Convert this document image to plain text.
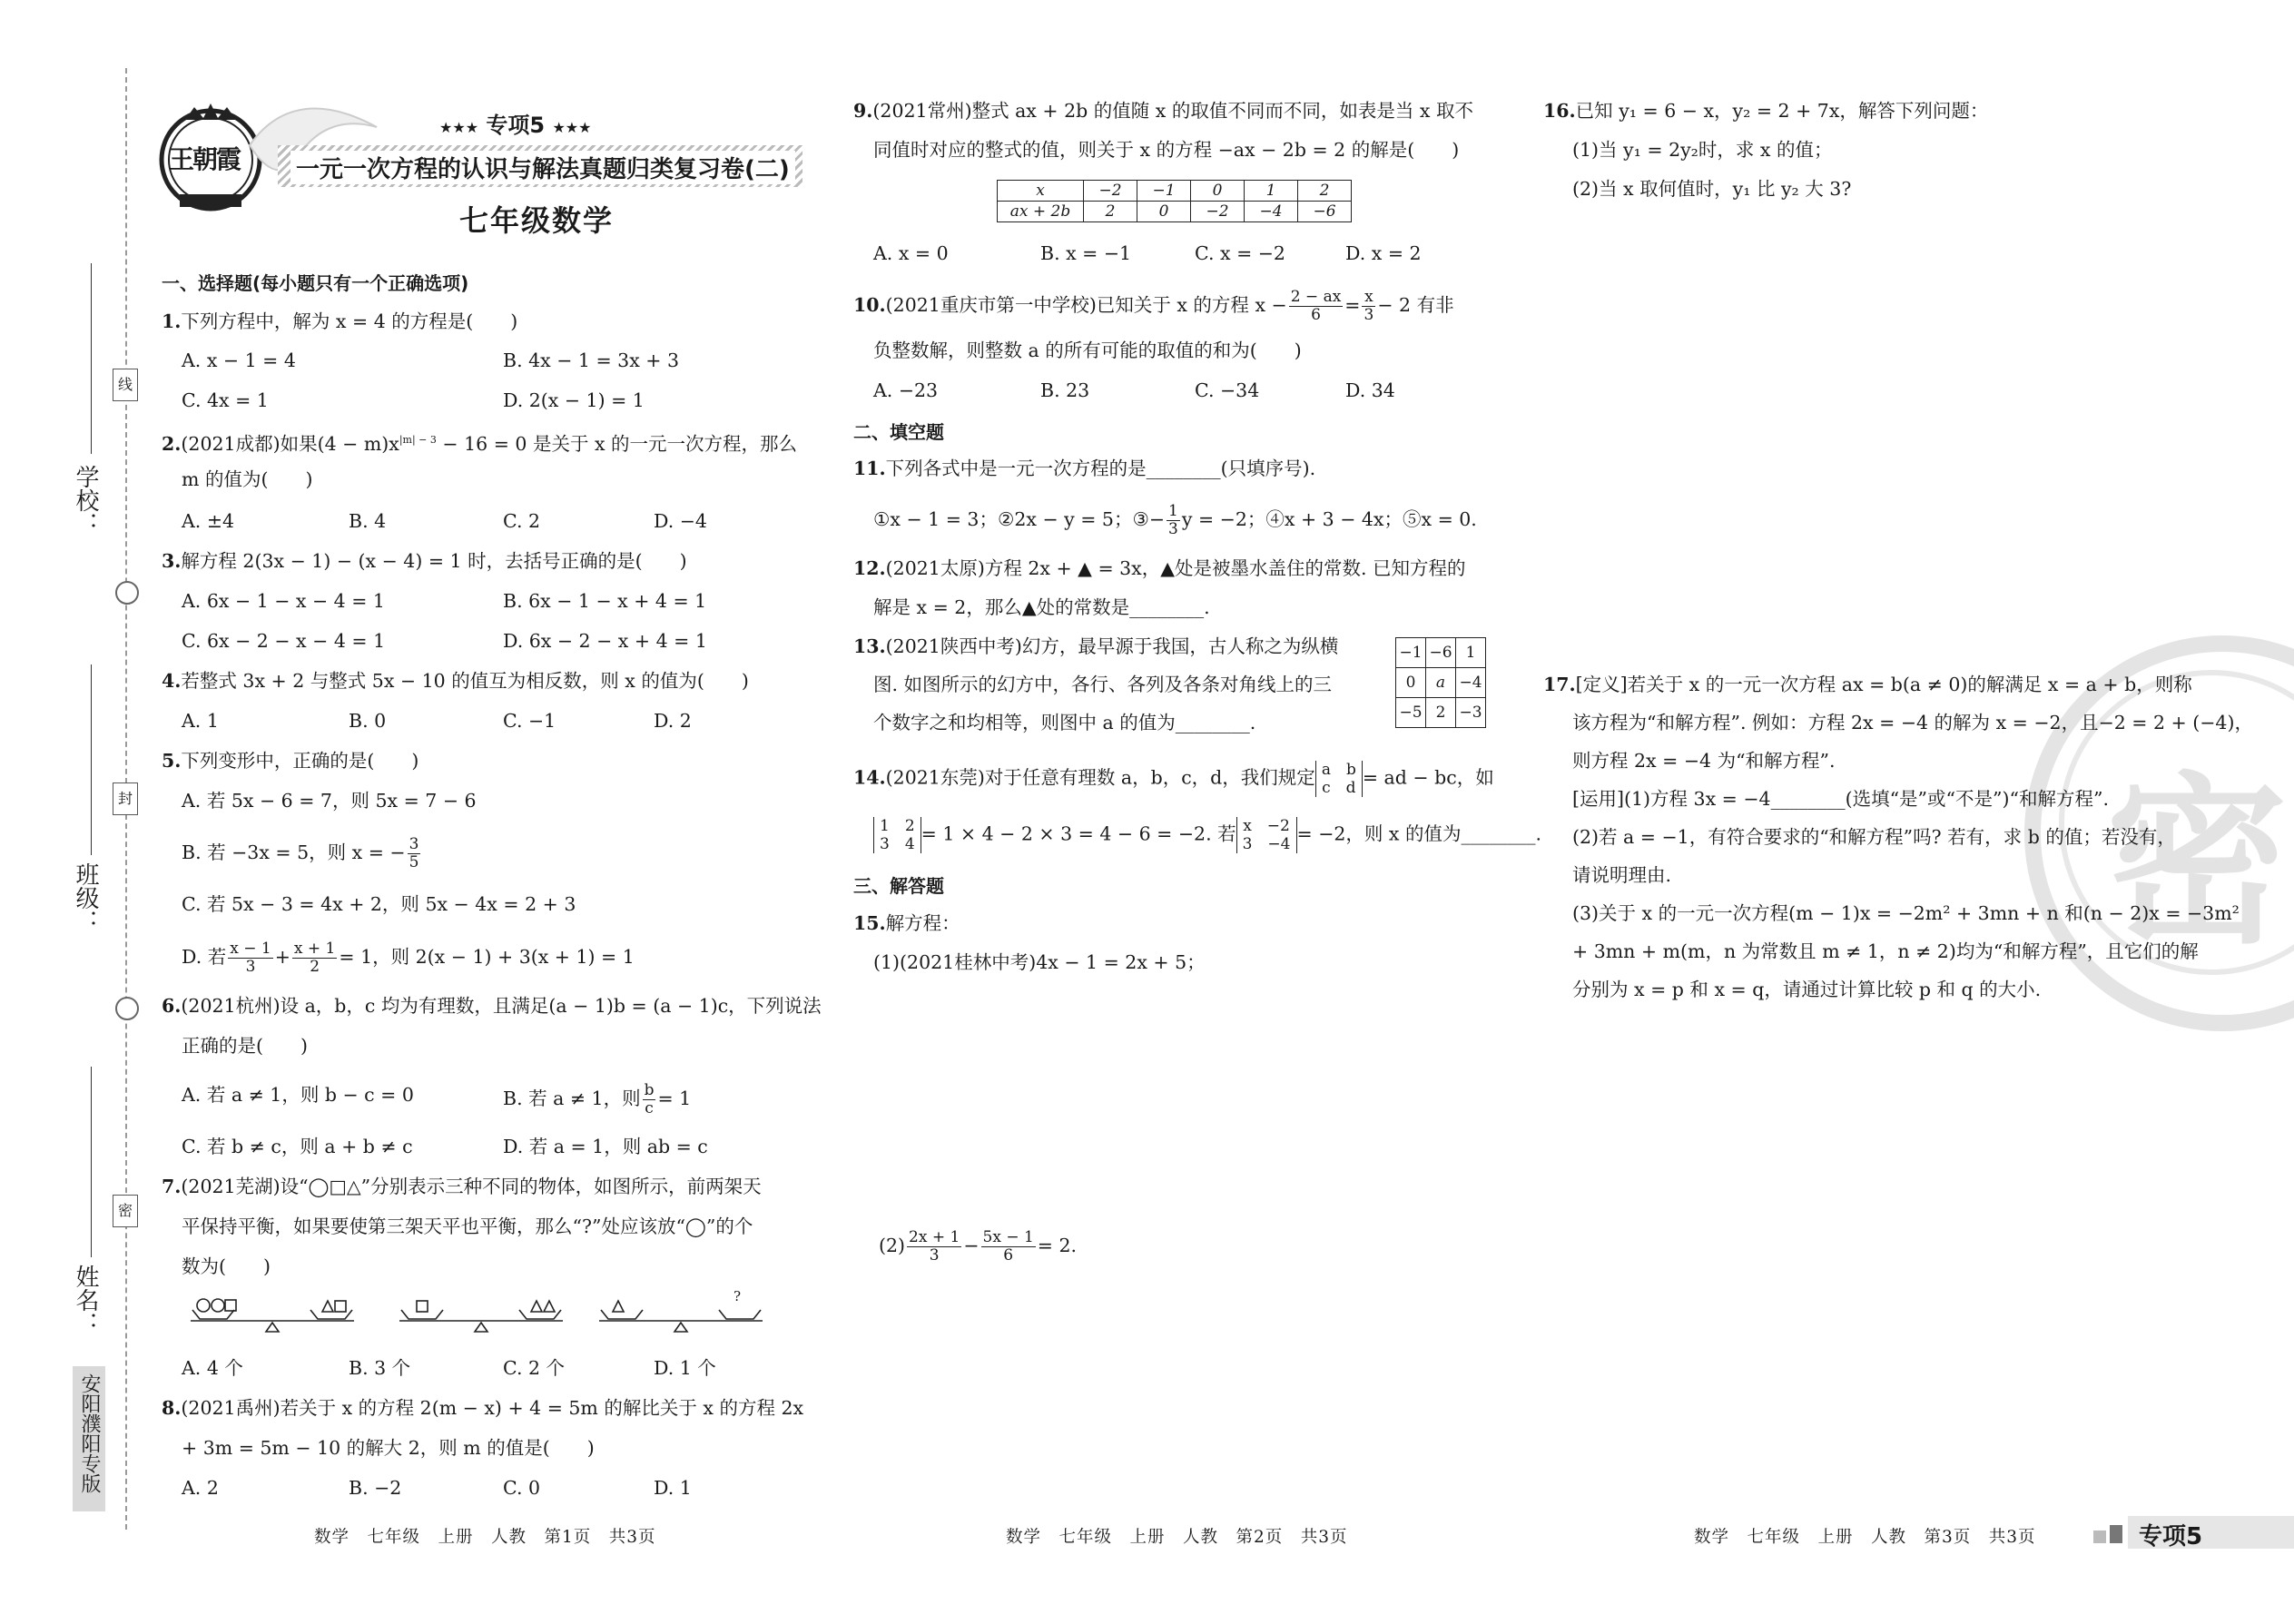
学校：
班级：
姓名：
线
封
密
安阳濮阳专版
王朝霞
★★★ 专项5 ★★★
一元一次方程的认识与解法真题归类复习卷(二)
七年级数学
一、选择题(每小题只有一个正确选项)
1.下列方程中，解为 x = 4 的方程是(　　)
A. x − 1 = 4	B. 4x − 1 = 3x + 3
C. 4x = 1	D. 2(x − 1) = 1
2.(2021成都)如果$(4 - m)x^{|m| - 3} - 16 = 0$ 是关于 x 的一元一次方程，那么
m 的值为(　　)
A. ±4	B. 4	C. 2	D. −4
3.解方程 2(3x − 1) − (x − 4) = 1 时，去括号正确的是(　　)
A. 6x − 1 − x − 4 = 1	B. 6x − 1 − x + 4 = 1
C. 6x − 2 − x − 4 = 1	D. 6x − 2 − x + 4 = 1
4.若整式 3x + 2 与整式 5x − 10 的值互为相反数，则 x 的值为(　　)
A. 1	B. 0	C. −1	D. 2
5.下列变形中，正确的是(　　)
A. 若 5x − 6 = 7，则 5x = 7 − 6
B. 若 −3x = 5，则 x = − $\frac{3}{5}$
C. 若 5x − 3 = 4x + 2，则 5x − 4x = 2 + 3
D. 若 $\frac{x - 1}{3} + \frac{x + 1}{2} = 1$，则 2(x − 1) + 3(x + 1) = 1
6.(2021杭州)设 a，b，c 均为有理数，且满足(a − 1)b = (a − 1)c，下列说法
正确的是(　　)
A. 若 a ≠ 1，则 b − c = 0	B. 若 a ≠ 1，则 $\frac{b}{c} = 1$
C. 若 b ≠ c，则 a + b ≠ c	D. 若 a = 1，则 ab = c
7.(2021芜湖)设“◯□△”分别表示三种不同的物体，如图所示，前两架天
平保持平衡，如果要使第三架天平也平衡，那么“?”处应该放“◯”的个
数为(　　)
?
A. 4 个	B. 3 个	C. 2 个	D. 1 个
8.(2021禹州)若关于 x 的方程 2(m − x) + 4 = 5m 的解比关于 x 的方程 2x
+ 3m = 5m − 10 的解大 2，则 m 的值是(　　)
A. 2	B. −2	C. 0	D. 1
数学　七年级　上册　人教　第1页　共3页
9.(2021常州)整式 ax + 2b 的值随 x 的取值不同而不同，如表是当 x 取不
同值时对应的整式的值，则关于 x 的方程 −ax − 2b = 2 的解是(　　)
x	−2	−1	0	1	2
ax + 2b	2	0	−2	−4	−6
A. x = 0	B. x = −1	C. x = −2	D. x = 2
10.(2021重庆市第一中学校)已知关于 x 的方程 $x - \frac{2 - ax}{6} = \frac{x}{3} - 2$ 有非
负整数解，则整数 a 的所有可能的取值的和为(　　)
A. −23	B. 23	C. −34	D. 34
二、填空题
11.下列各式中是一元一次方程的是________(只填序号).
①x − 1 = 3；②2x − y = 5；③− $\frac{1}{3}$ y = −2；④x + 3 − 4x；⑤x = 0.
12.(2021太原)方程 2x + ▲ = 3x，▲处是被墨水盖住的常数. 已知方程的
解是 x = 2，那么▲处的常数是________.
13.(2021陕西中考)幻方，最早源于我国，古人称之为纵横
图. 如图所示的幻方中，各行、各列及各条对角线上的三
个数字之和均相等，则图中 a 的值为________.
−1	−6	1
0	a	−4
−5	2	−3
14.(2021东莞)对于任意有理数 a，b，c，d，我们规定 a　b
c　d = ad − bc，如
1　2
3　4 = 1 × 4 − 2 × 3 = 4 − 6 = −2. 若 x　−2
3　−4 = −2，则 x 的值为________.
三、解答题
15.解方程：
(1)(2021桂林中考)4x − 1 = 2x + 5；
$(2) \frac{2x + 1}{3} - \frac{5x - 1}{6} = 2$.
数学　七年级　上册　人教　第2页　共3页
密
16.已知 y₁ = 6 − x，y₂ = 2 + 7x，解答下列问题：
(1)当 y₁ = 2y₂时，求 x 的值；
(2)当 x 取何值时，y₁ 比 y₂ 大 3?
17.[定义]若关于 x 的一元一次方程 ax = b(a ≠ 0)的解满足 x = a + b，则称
该方程为“和解方程”. 例如：方程 2x = −4 的解为 x = −2，且−2 = 2 + (−4)，
则方程 2x = −4 为“和解方程”.
[运用](1)方程 3x = −4________(选填“是”或“不是”)“和解方程”.
(2)若 a = −1，有符合要求的“和解方程”吗? 若有，求 b 的值；若没有，
请说明理由.
(3)关于 x 的一元一次方程(m − 1)x = −2m² + 3mn + n 和(n − 2)x = −3m²
+ 3mn + m(m，n 为常数且 m ≠ 1，n ≠ 2)均为“和解方程”，且它们的解
分别为 x = p 和 x = q，请通过计算比较 p 和 q 的大小.
数学　七年级　上册　人教　第3页　共3页	专项5
